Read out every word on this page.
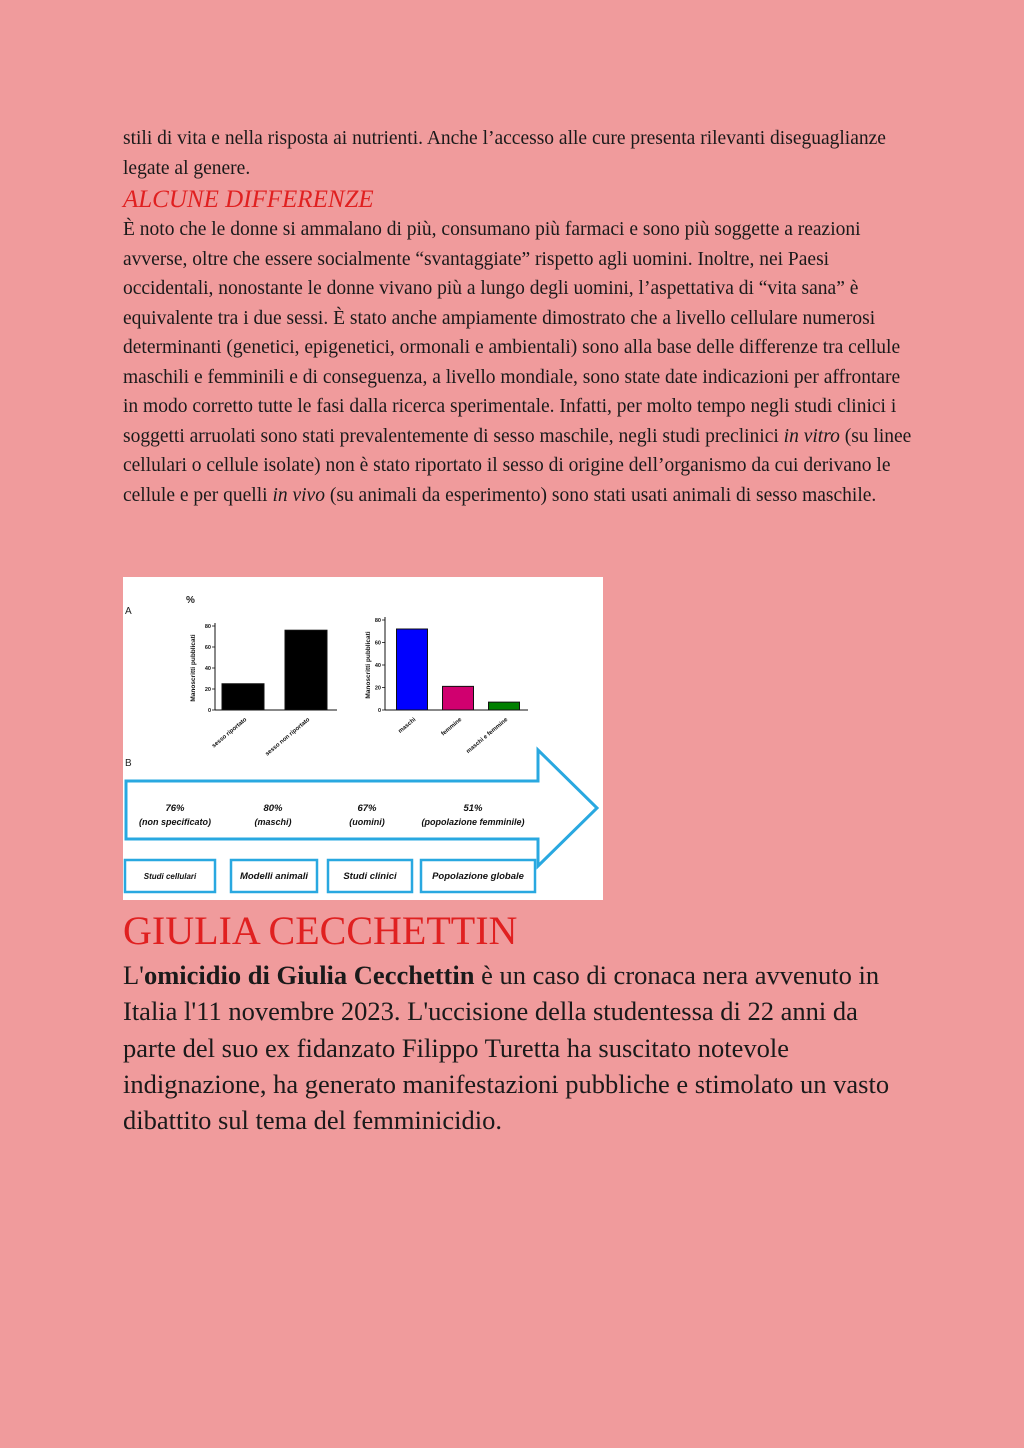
stili di vita e nella risposta ai nutrienti. Anche l’accesso alle cure presenta rilevanti diseguaglianze legate al genere.

ALCUNE DIFFERENZE

È noto che le donne si ammalano di più, consumano più farmaci e sono più soggette a reazioni avverse, oltre che essere socialmente “svantaggiate” rispetto agli uomini. Inoltre, nei Paesi occidentali, nonostante le donne vivano più a lungo degli uomini, l’aspettativa di “vita sana” è equivalente tra i due sessi. È stato anche ampiamente dimostrato che a livello cellulare numerosi determinanti (genetici, epigenetici, ormonali e ambientali) sono alla base delle differenze tra cellule maschili e femminili e di conseguenza, a livello mondiale, sono state date indicazioni per affrontare in modo corretto tutte le fasi dalla ricerca sperimentale. Infatti, per molto tempo negli studi clinici i soggetti arruolati sono stati prevalentemente di sesso maschile, negli studi preclinici in vitro (su linee cellulari o cellule isolate) non è stato riportato il sesso di origine dell’organismo da cui derivano le cellule e per quelli in vivo (su animali da esperimento) sono stati usati animali di sesso maschile.

A
%
B
Manoscritti pubblicati
0
20
40
60
80
sesso riportato	sesso non riportato
Manoscritti pubblicati
0
20
40
60
80
maschi	femmine maschi e femmine
76%
(non specificato)
Studi cellulari
80%
(maschi)
Modelli animali
67%
(uomini)
Studi clinici
51%
(popolazione femminile)
Popolazione globale
GIULIA CECCHETTIN

L'omicidio di Giulia Cecchettin è un caso di cronaca nera avvenuto in Italia l'11 novembre 2023. L'uccisione della studentessa di 22 anni da parte del suo ex fidanzato Filippo Turetta ha suscitato notevole indignazione, ha generato manifestazioni pubbliche e stimolato un vasto dibattito sul tema del femminicidio.
